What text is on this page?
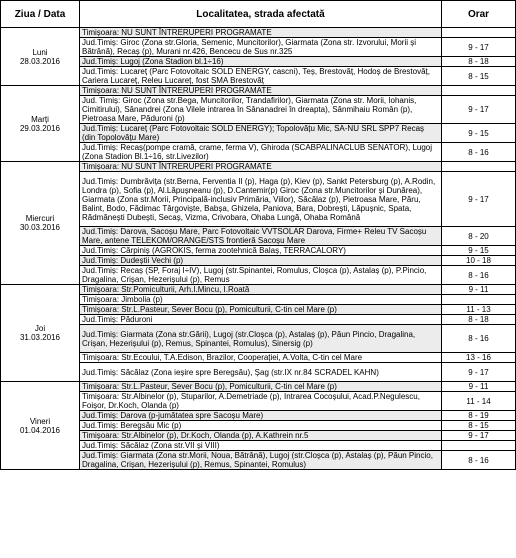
Ziua / Data	Localitatea, strada afectată	Orar

Luni
28.03.2016	Timișoara: NU SUNT ÎNTRERUPERI PROGRAMATE	
	Jud.Timiș: Giroc (Zona str.Gloria, Semenic, Muncitorilor), Giarmata (Zona str. Izvorului, Morii și Bătrână), Recaș (p), Murani nr.426, Bencecu de Sus nr.325	9 - 17
	Jud.Timiș: Lugoj (Zona Stadion bl.1÷16)	8 - 18
	Jud.Timiș: Lucareț (Parc Fotovoltaic SOLD ENERGY, cascni), Teș, Brestovăț, Hodoș de Brestovăț, Cariera Lucareț, Releu Lucareț, fost SMA Brestovăț	8 - 15

Marți
29.03.2016	Timișoara: NU SUNT ÎNTRERUPERI PROGRAMATE	
	Jud. Timiș: Giroc (Zona str.Bega, Muncitorilor, Trandafirilor), Giarmata (Zona str. Morii, Iohanis, Cimitirului), Sânandrei (Zona Vilele intrarea în Sânanadrei în dreapta), Sânmihaiu Român (p), Pietroasa Mare, Păduroni (p)	9 - 17
	Jud.Timiș: Lucareț (Parc Fotovoltaic SOLD ENERGY); Topolovățu Mic, SA-NU SRL SPP7 Recaș (din Topolovățu Mare)	9 - 15
	Jud.Timiș: Recaș(pompe cramă, crame, ferma V), Ghiroda (SCABPALINACLUB SENATOR), Lugoj (Zona Stadion Bl.1÷16, str.Livezilor)	8 - 16

Miercuri
30.03.2016	Timișoara: NU SUNT ÎNTRERUPERI PROGRAMATE	
	Jud.Timiș: Dumbrăvița (str.Berna, Ferventia II (p), Haga (p), Kiev (p), Sankt Petersburg (p), A.Rodin, Londra (p), Sofia (p), Al.Lăpușneanu (p), D.Cantemir(p) Giroc (Zona str.Muncitorilor și Dunărea), Giarmata (Zona str.Morii, Principală-inclusiv Primăria, Viilor), Săcălaz (p), Pietroasa Mare, Păru, Balint, Bodo, Fădimac Târgoviște, Babșa, Ghizela, Paniova, Bara, Dobrești, Lăpușnic, Spata, Rădmănești Dubești, Secaș, Vizma, Crivobara, Ohaba Lungă, Ohaba Română	9 - 17
	Jud.Timiș: Darova, Sacoșu Mare, Parc Fotovoltaic VVTSOLAR Darova, Firme+ Releu TV Sacoșu Mare, antene TELEKOM/ORANGE/STS frontieră Sacoșu Mare	8 - 20
	Jud.Timiș: Cărpiniș (AGROKIS, ferma zootehnică Balaș, TERRACALORY)	9 - 15
	Jud.Timiș: Dudeștii Vechi (p)	10 - 18
	Jud.Timiș: Recaș (SP, Foraj I÷IV), Lugoj (str.Spinantei, Romulus, Cloșca (p), Astalaș (p), P.Pincio, Dragalina, Crișan, Hezerișului (p), Remus	8 - 16

Joi
31.03.2016	Timișoara: Str.Pomiculturii, Arh.I.Mincu, I.Roată	9 - 11
	Timișoara: Jimbolia (p)	
	Timișoara: Str.L.Pasteur, Sever Bocu (p), Pomiculturii, C-tin cel Mare (p)	11 - 13
	Jud.Timiș: Păduroni	8 - 18
	Jud.Timiș: Giarmata (Zona str.Gării), Lugoj (str.Cloșca (p), Astalaș (p), Păun Pincio, Dragalina, Crișan, Hezerișului (p), Remus, Spinantei, Romulus), Sinersig (p)	8 - 16
	Timișoara: Str.Ecoului, T.A.Edison, Brazilor, Cooperației, A.Volta, C-tin cel Mare	13 - 16
	Jud.Timiș: Săcălaz (Zona ieșire spre Beregsău), Șag (str.IX nr.84 SCRADEL KAHN)	9 - 17

Vineri
01.04.2016	Timișoara: Str.L.Pasteur, Sever Bocu (p), Pomiculturii, C-tin cel Mare (p)	9 - 11
	Timișoara: Str.Albinelor (p), Stuparilor, A.Demetriade (p), Intrarea Cocoșului, Acad.P.Negulescu, Foișor, Dr.Koch, Olanda (p)	11 - 14
	Jud.Timiș: Darova (p-jumătatea spre Sacoșu Mare)	8 - 19
	Jud.Timiș: Beregsău Mic (p)	8 - 15
	Timișoara: Str.Albinelor (p), Dr.Koch, Olanda (p), A.Kathrein nr.5	9 - 17
	Jud.Timiș: Săcălaz (Zona str.VII și VIII)	
	Jud.Timiș: Giarmata (Zona str.Morii, Noua, Bătrână), Lugoj (str.Cloșca (p), Astalaș (p), Păun Pincio, Dragalina, Crișan, Hezerișului (p), Remus, Spinantei, Romulus)	8 - 16
